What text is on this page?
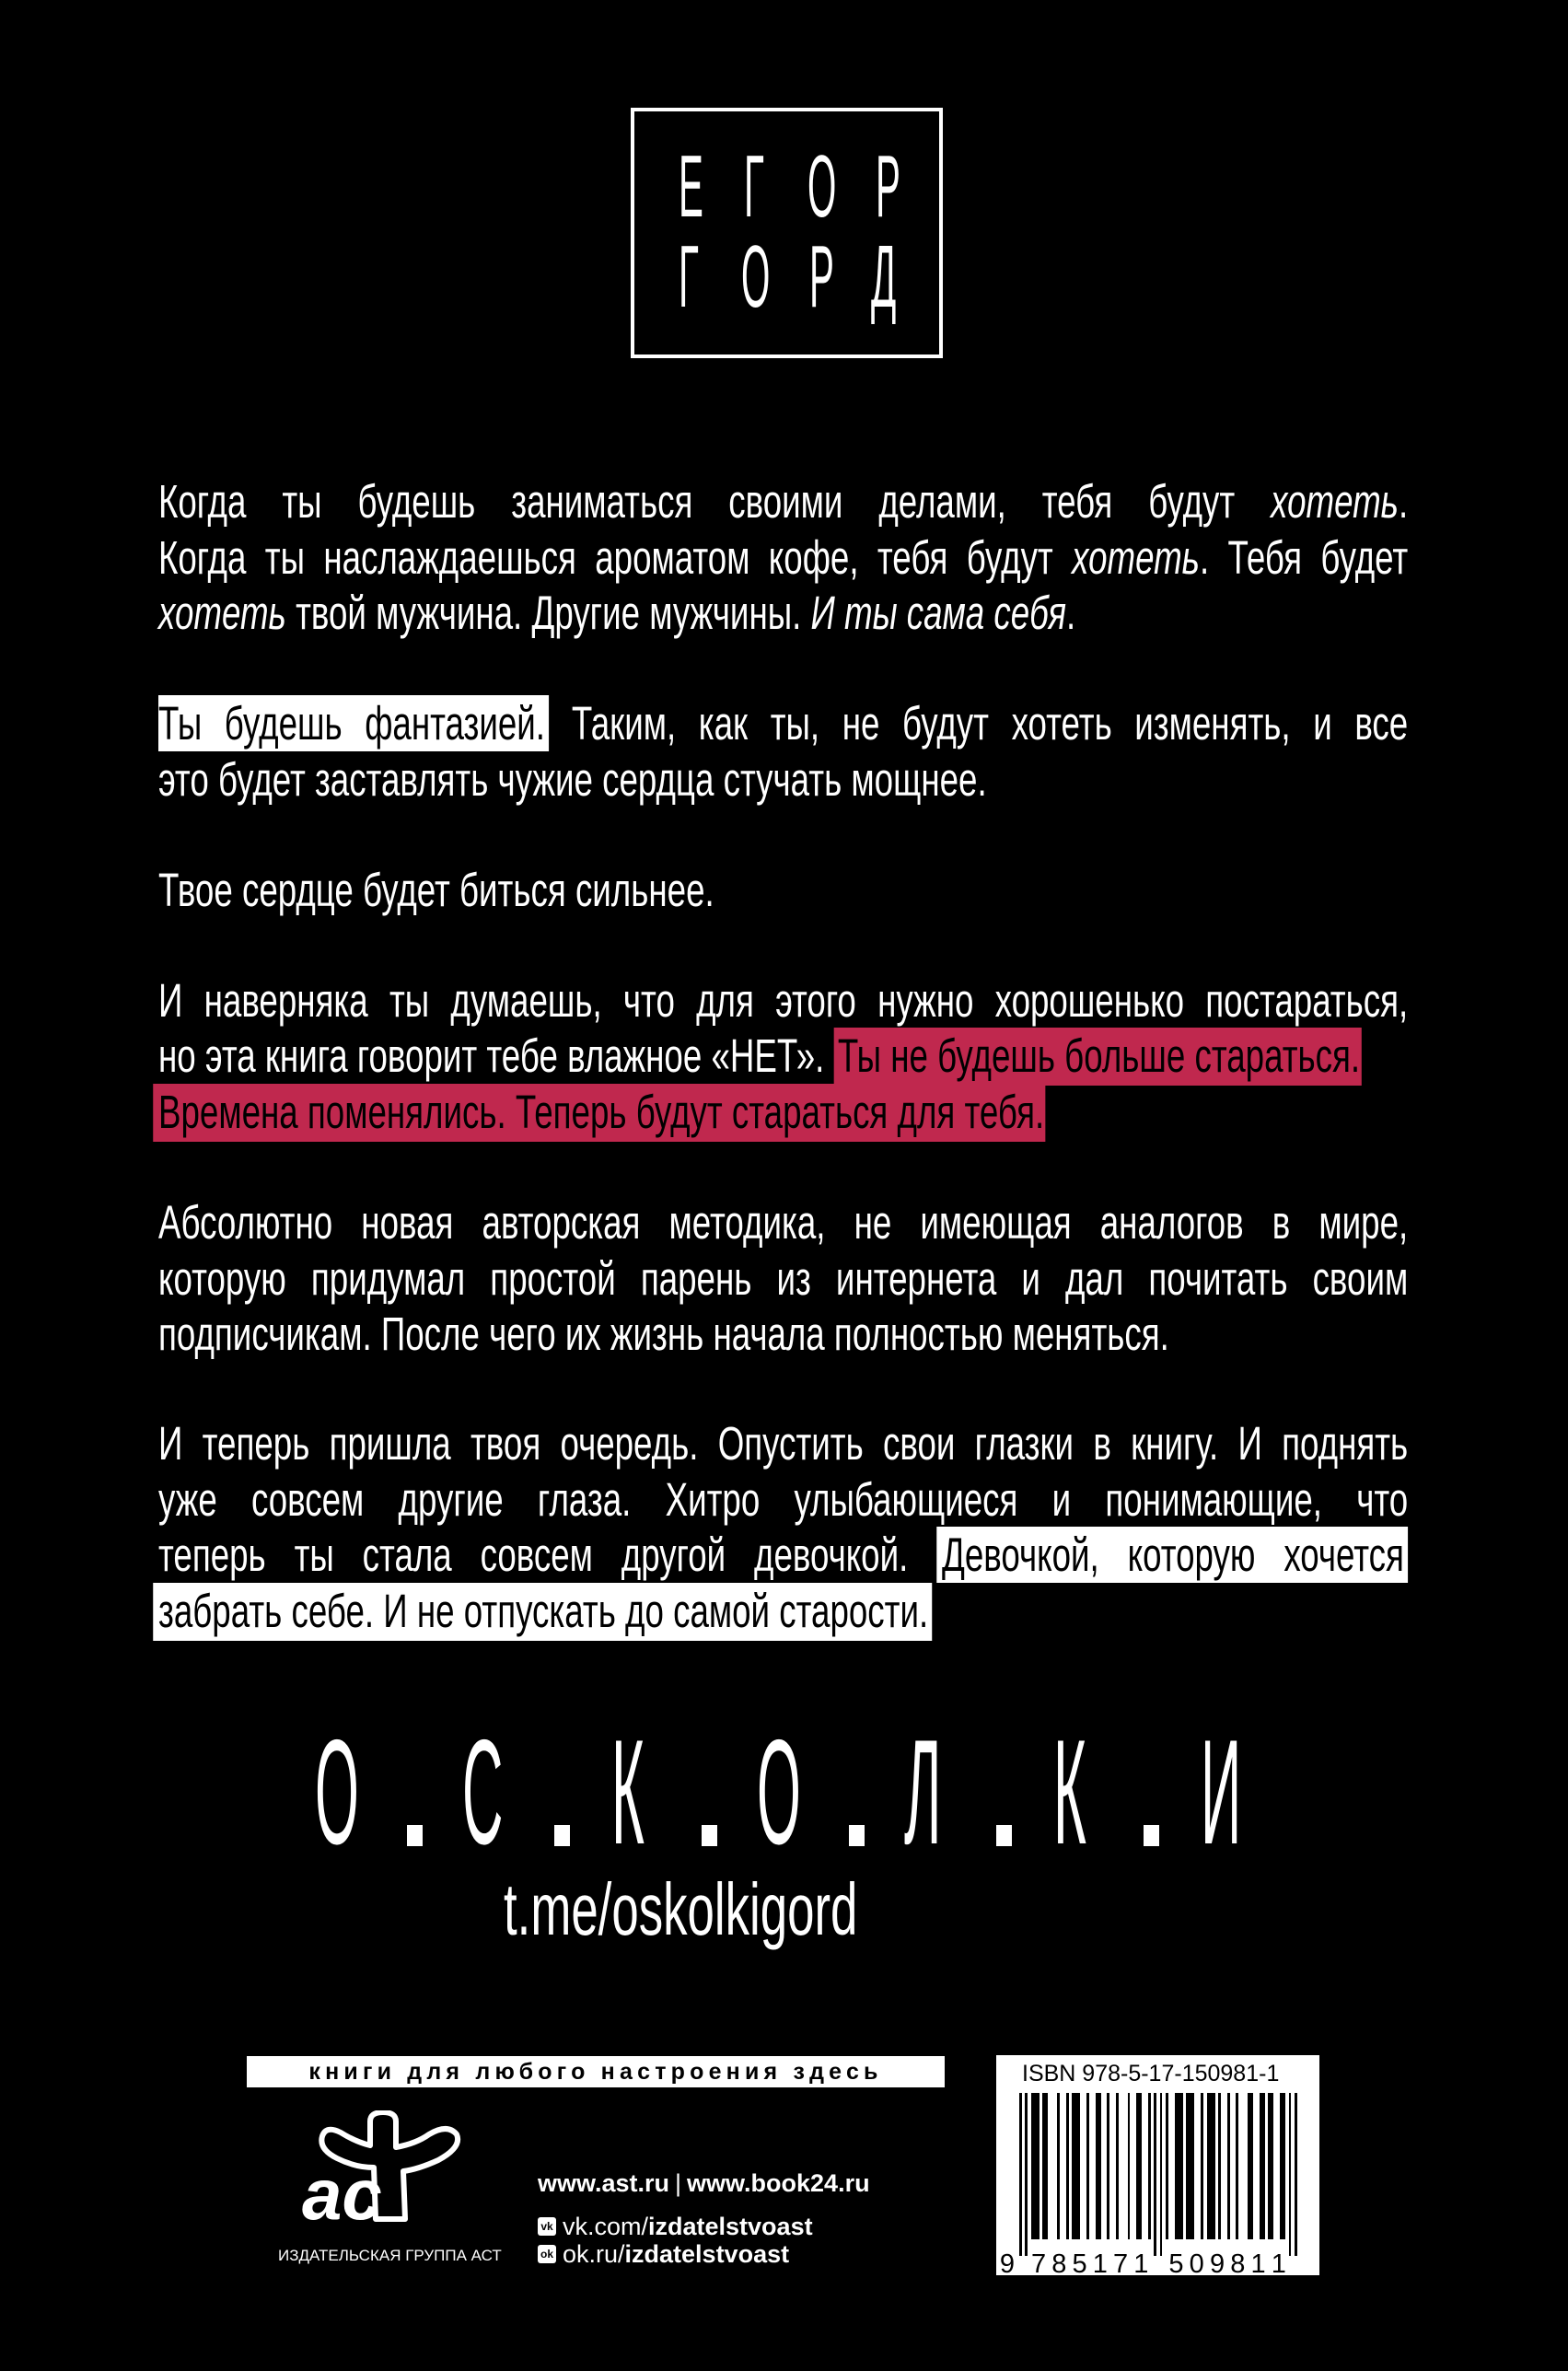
Е Г О Р
Г О Р Д
Когда ты будешь заниматься своими делами, тебя будут хотеть.
Когда ты наслаждаешься ароматом кофе, тебя будут хотеть. Тебя будет
хотеть твой мужчина. Другие мужчины. И ты сама себя.
Ты будешь фантазией. Таким, как ты, не будут хотеть изменять, и все
это будет заставлять чужие сердца стучать мощнее.
Твое сердце будет биться сильнее.
И наверняка ты думаешь, что для этого нужно хорошенько постараться,
но эта книга говорит тебе влажное «НЕТ». Ты не будешь больше стараться.
Времена поменялись. Теперь будут стараться для тебя.
Абсолютно новая авторская методика, не имеющая аналогов в мире,
которую придумал простой парень из интернета и дал почитать своим
подписчикам. После чего их жизнь начала полностью меняться.
И теперь пришла твоя очередь. Опустить свои глазки в книгу. И поднять
уже совсем другие глаза. Хитро улыбающиеся и понимающие, что
теперь ты стала совсем другой девочкой. Девочкой, которую хочется
забрать себе. И не отпускать до самой старости.
О С К О Л К И
t.me/oskolkigord
книги для любого настроения здесь
ac
ИЗДАТЕЛЬСКАЯ ГРУППА АСТ
www.ast.ru | www.book24.ru
vk vk.com/izdatelstvoast
ok ok.ru/izdatelstvoast
ISBN 978-5-17-150981-1
9 7 8 5 1 7 1 5 0 9 8 1 1
